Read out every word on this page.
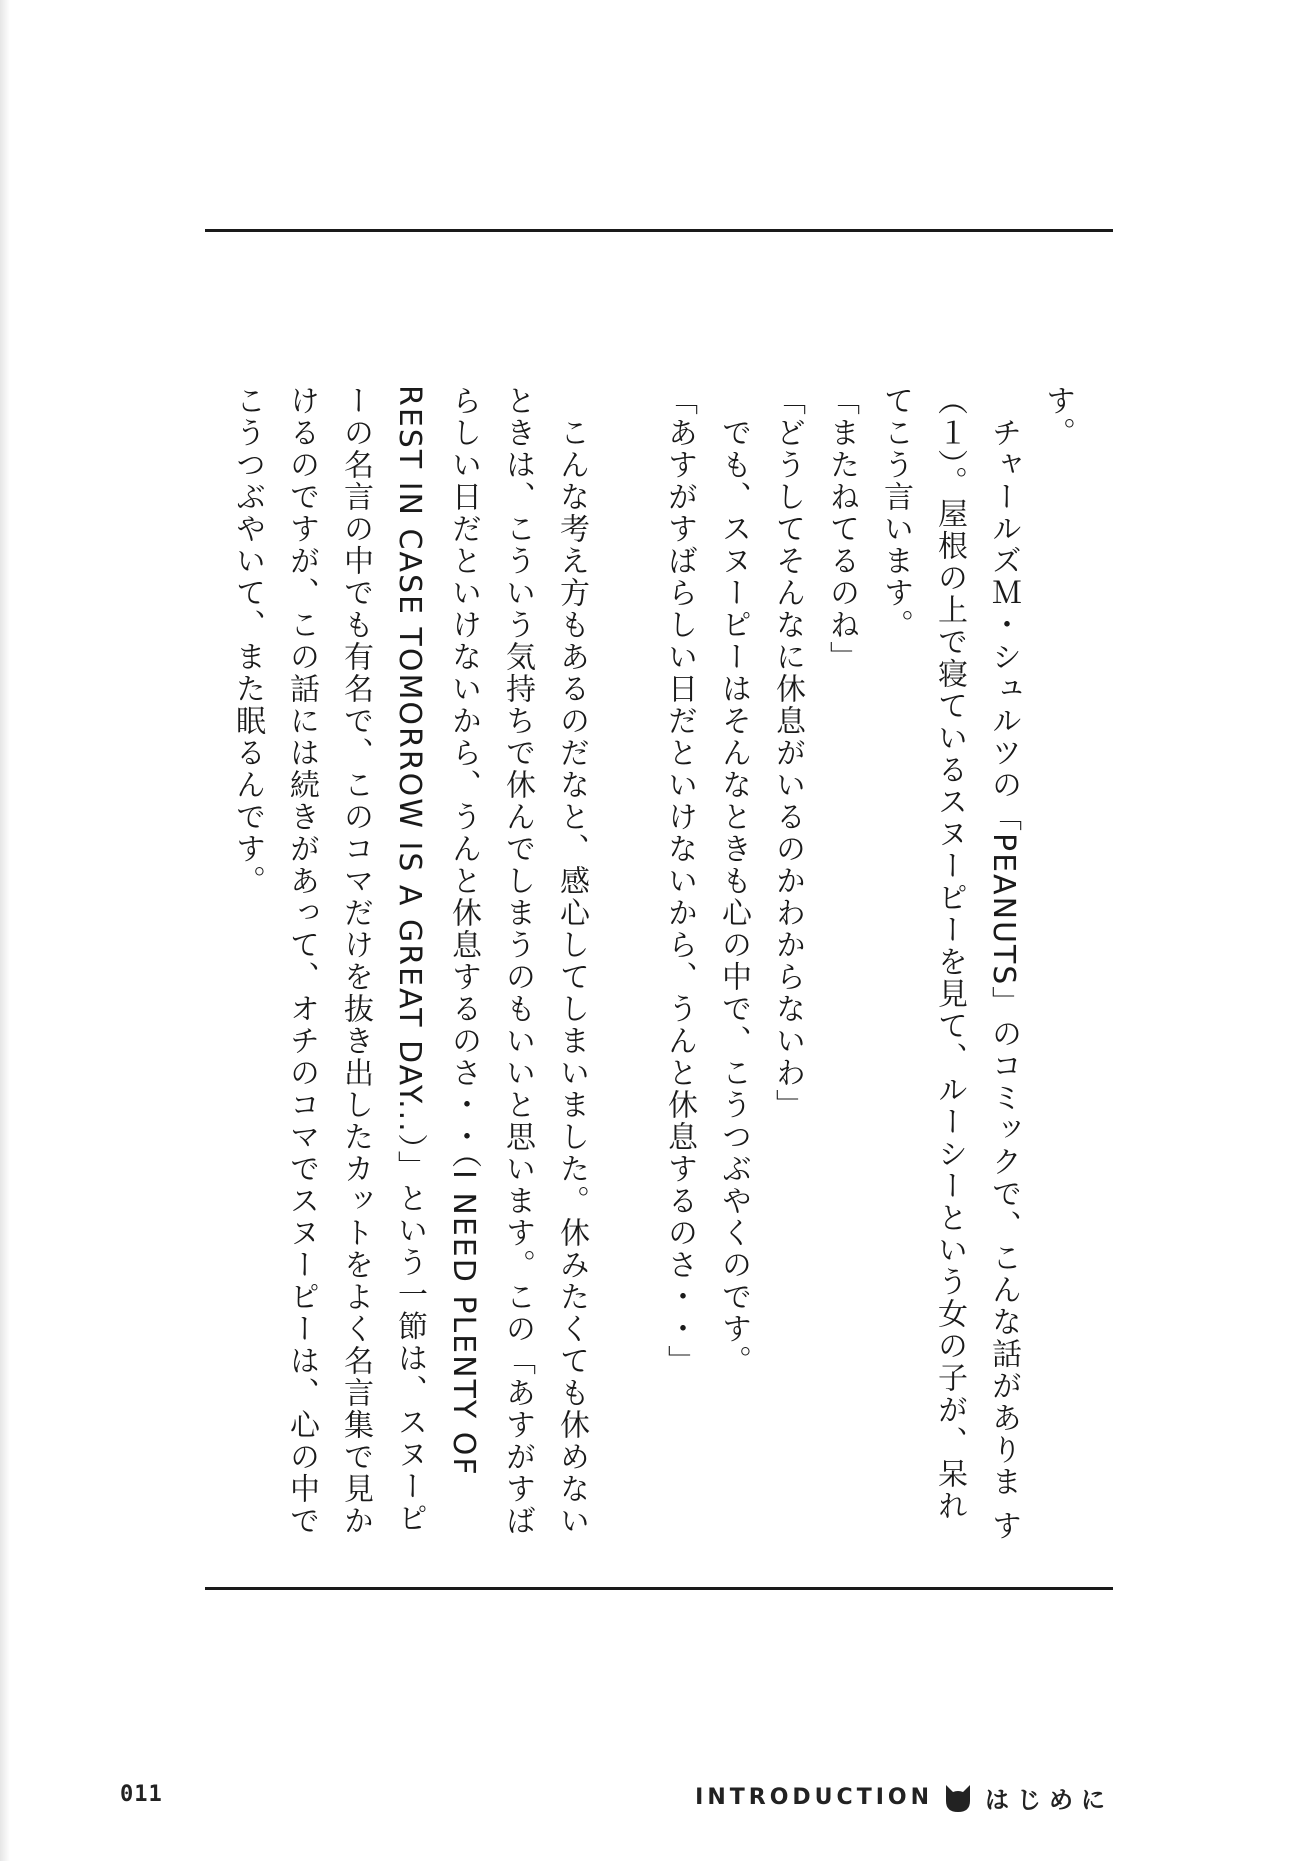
す。

　チャールズＭ・シュルツの「PEANUTS」のコミックで、こんな話がありま す（１）。屋根の上で寝ているスヌーピーを見て、ルーシーという女の子が、呆れてこう言います。

「またねてるのね」

「どうしてそんなに休息がいるのかわからないわ」

　でも、スヌーピーはそんなときも心の中で、こうつぶやくのです。

「あすがすばらしい日だといけないから、うんと休息するのさ・・」

　こんな考え方もあるのだなと、感心してしまいました。休みたくても休めないときは、こういう気持ちで休んでしまうのもいいと思います。この「あすがすばらしい日だといけないから、うんと休息するのさ・・（I NEED PLENTY OF REST IN CASE TOMORROW IS A GREAT DAY...）」という一節は、スヌーピーの名言の中でも有名で、このコマだけを抜き出したカットをよく名言集で見かけるのですが、この話には続きがあって、オチのコマでスヌーピーは、心の中でこうつぶやいて、また眠るんです。

011	INTRODUCTION はじめに
